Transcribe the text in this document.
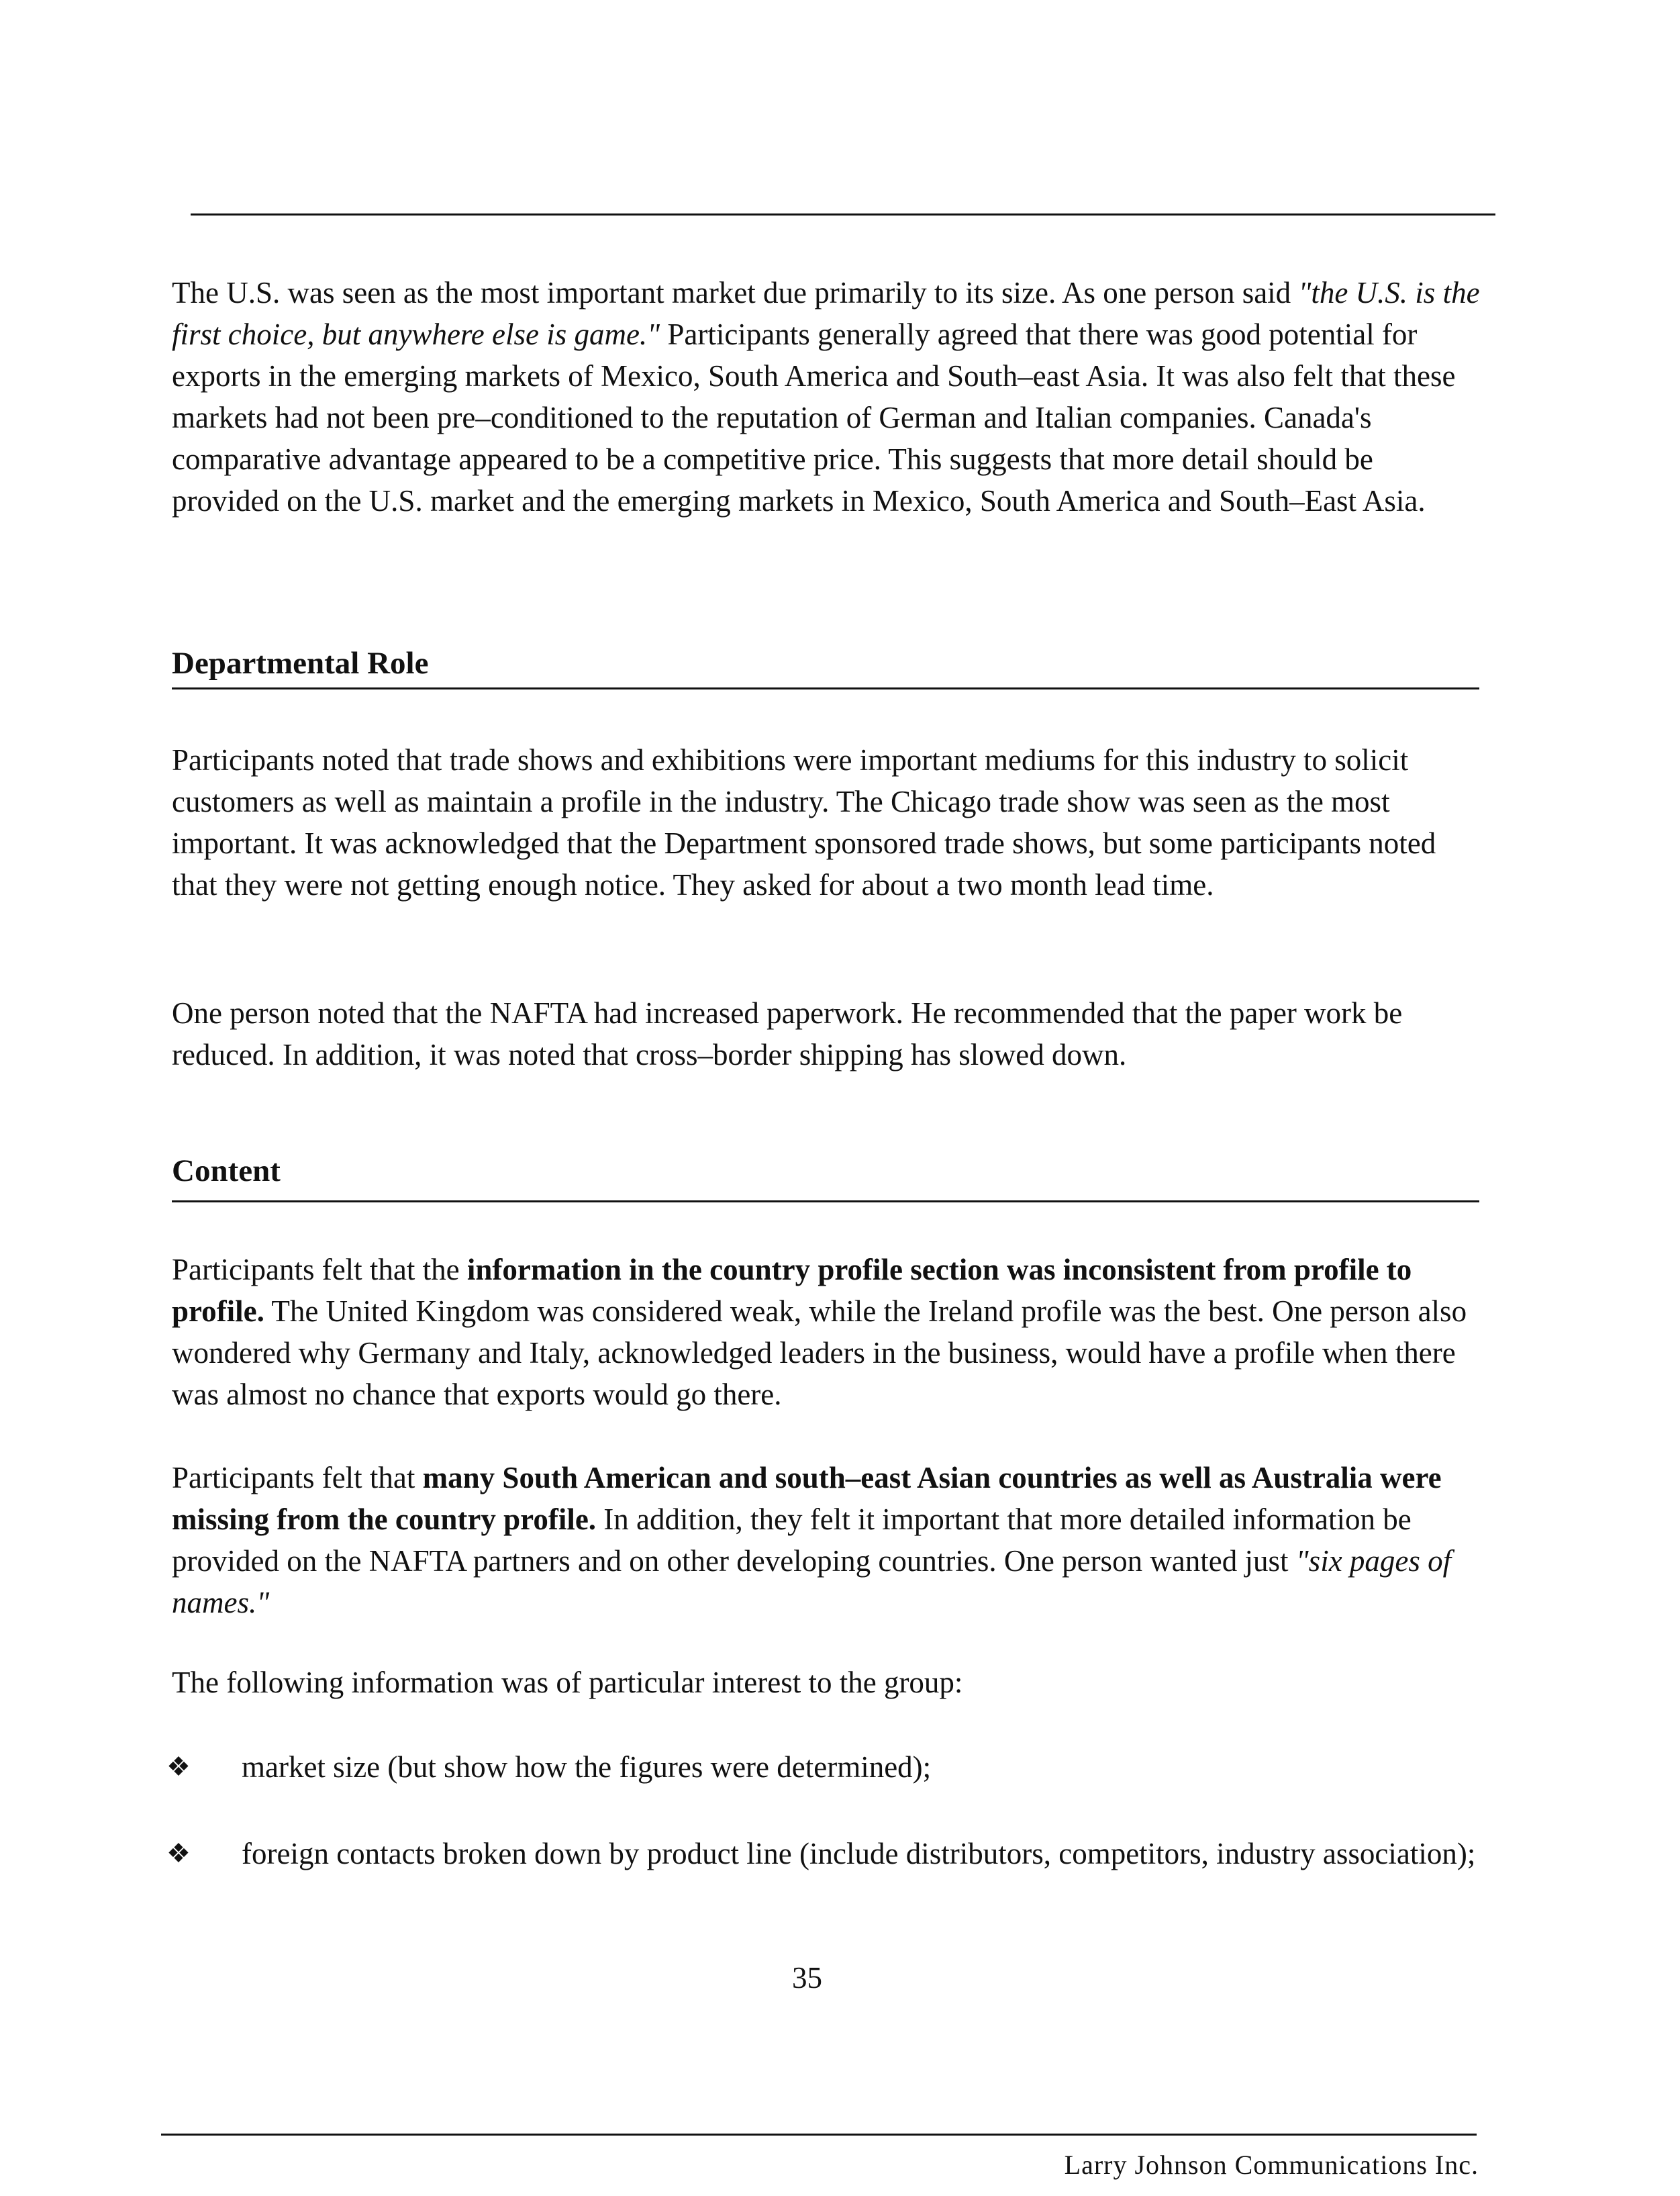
The U.S. was seen as the most important market due primarily to its size. As one person said "the U.S. is the first choice, but anywhere else is game." Participants generally agreed that there was good potential for exports in the emerging markets of Mexico, South America and South–east Asia. It was also felt that these markets had not been pre–conditioned to the reputation of German and Italian companies. Canada's comparative advantage appeared to be a competitive price. This suggests that more detail should be provided on the U.S. market and the emerging markets in Mexico, South America and South–East Asia.

Departmental Role

Participants noted that trade shows and exhibitions were important mediums for this industry to solicit customers as well as maintain a profile in the industry. The Chicago trade show was seen as the most important. It was acknowledged that the Department sponsored trade shows, but some participants noted that they were not getting enough notice. They asked for about a two month lead time.

One person noted that the NAFTA had increased paperwork. He recommended that the paper work be reduced. In addition, it was noted that cross–border shipping has slowed down.

Content

Participants felt that the information in the country profile section was inconsistent from profile to profile. The United Kingdom was considered weak, while the Ireland profile was the best. One person also wondered why Germany and Italy, acknowledged leaders in the business, would have a profile when there was almost no chance that exports would go there.

Participants felt that many South American and south–east Asian countries as well as Australia were missing from the country profile. In addition, they felt it important that more detailed information be provided on the NAFTA partners and on other developing countries. One person wanted just "six pages of names."

The following information was of particular interest to the group:

❖ market size (but show how the figures were determined);

❖ foreign contacts broken down by product line (include distributors, competitors, industry association);

35
Larry Johnson Communications Inc.
